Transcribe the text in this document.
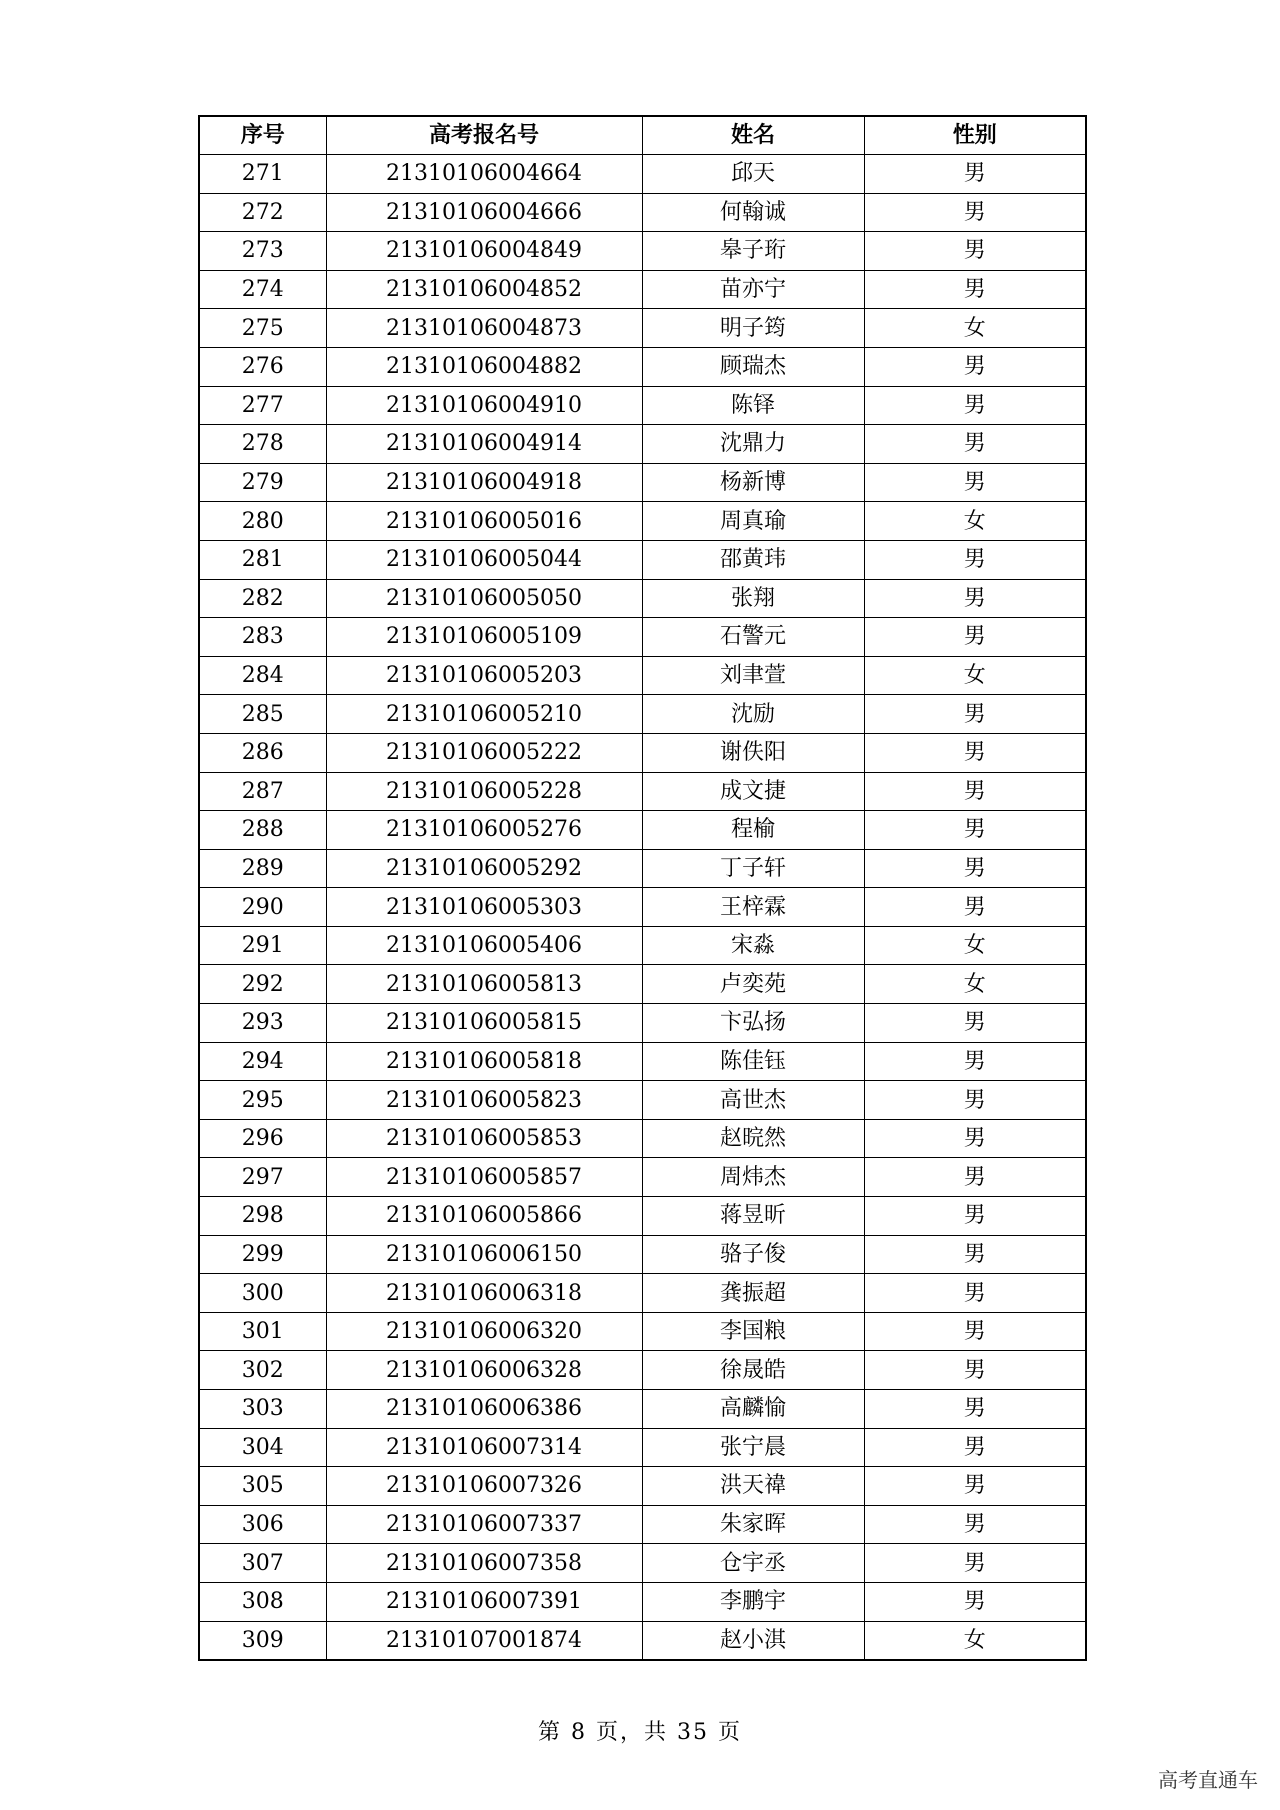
序号	高考报名号	姓名	性别
271	21310106004664	邱天	男
272	21310106004666	何翰诚	男
273	21310106004849	皋子珩	男
274	21310106004852	苗亦宁	男
275	21310106004873	明子筠	女
276	21310106004882	顾瑞杰	男
277	21310106004910	陈铎	男
278	21310106004914	沈鼎力	男
279	21310106004918	杨新博	男
280	21310106005016	周真瑜	女
281	21310106005044	邵黄玮	男
282	21310106005050	张翔	男
283	21310106005109	石警元	男
284	21310106005203	刘聿萱	女
285	21310106005210	沈励	男
286	21310106005222	谢佚阳	男
287	21310106005228	成文捷	男
288	21310106005276	程榆	男
289	21310106005292	丁子轩	男
290	21310106005303	王梓霖	男
291	21310106005406	宋淼	女
292	21310106005813	卢奕苑	女
293	21310106005815	卞弘扬	男
294	21310106005818	陈佳钰	男
295	21310106005823	高世杰	男
296	21310106005853	赵晥然	男
297	21310106005857	周炜杰	男
298	21310106005866	蒋昱昕	男
299	21310106006150	骆子俊	男
300	21310106006318	龚振超	男
301	21310106006320	李国粮	男
302	21310106006328	徐晟皓	男
303	21310106006386	高麟愉	男
304	21310106007314	张宁晨	男
305	21310106007326	洪天禕	男
306	21310106007337	朱家晖	男
307	21310106007358	仓宇丞	男
308	21310106007391	李鹏宇	男
309	21310107001874	赵小淇	女
第 8 页，共 35 页
高考直通车
